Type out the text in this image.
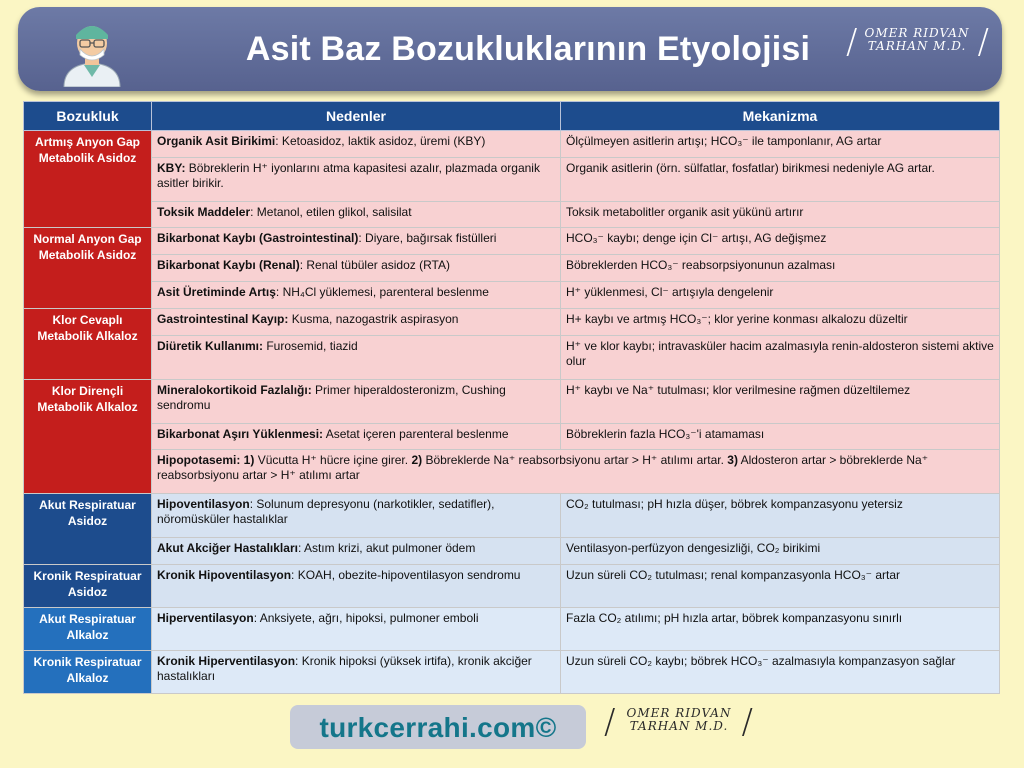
Asit Baz Bozukluklarının Etyolojisi	/ OMER RIDVAN
TARHAN M.D. /
Bozukluk	Nedenler	Mekanizma
Artmış Anyon Gap Metabolik Asidoz	Organik Asit Birikimi: Ketoasidoz, laktik asidoz, üremi (KBY)	Ölçülmeyen asitlerin artışı; HCO₃⁻ ile tamponlanır, AG artar
	KBY: Böbreklerin H⁺ iyonlarını atma kapasitesi azalır, plazmada organik asitler birikir.	Organik asitlerin (örn. sülfatlar, fosfatlar) birikmesi nedeniyle AG artar.
	Toksik Maddeler: Metanol, etilen glikol, salisilat	Toksik metabolitler organik asit yükünü artırır
Normal Anyon Gap Metabolik Asidoz	Bikarbonat Kaybı (Gastrointestinal): Diyare, bağırsak fistülleri	HCO₃⁻ kaybı; denge için Cl⁻ artışı, AG değişmez
	Bikarbonat Kaybı (Renal): Renal tübüler asidoz (RTA)	Böbreklerden HCO₃⁻ reabsorpsiyonunun azalması
	Asit Üretiminde Artış: NH₄Cl yüklemesi, parenteral beslenme	H⁺ yüklenmesi, Cl⁻ artışıyla dengelenir
Klor Cevaplı Metabolik Alkaloz	Gastrointestinal Kayıp: Kusma, nazogastrik aspirasyon	H+ kaybı ve artmış HCO₃⁻; klor yerine konması alkalozu düzeltir
	Diüretik Kullanımı: Furosemid, tiazid	H⁺ ve klor kaybı; intravasküler hacim azalmasıyla renin-aldosteron sistemi aktive olur
Klor Dirençli Metabolik Alkaloz	Mineralokortikoid Fazlalığı: Primer hiperaldosteronizm, Cushing sendromu	H⁺ kaybı ve Na⁺ tutulması; klor verilmesine rağmen düzeltilemez
	Bikarbonat Aşırı Yüklenmesi: Asetat içeren parenteral beslenme	Böbreklerin fazla HCO₃⁻'i atamaması
	Hipopotasemi: 1) Vücutta H⁺ hücre içine girer. 2) Böbreklerde Na⁺ reabsorbsiyonu artar > H⁺ atılımı artar. 3) Aldosteron artar > böbreklerde Na⁺ reabsorbsiyonu artar > H⁺ atılımı artar	
Akut Respiratuar Asidoz	Hipoventilasyon: Solunum depresyonu (narkotikler, sedatifler), nöromüsküler hastalıklar	CO₂ tutulması; pH hızla düşer, böbrek kompanzasyonu yetersiz
	Akut Akciğer Hastalıkları: Astım krizi, akut pulmoner ödem	Ventilasyon-perfüzyon dengesizliği, CO₂ birikimi
Kronik Respiratuar Asidoz	Kronik Hipoventilasyon: KOAH, obezite-hipoventilasyon sendromu	Uzun süreli CO₂ tutulması; renal kompanzasyonla HCO₃⁻ artar
Akut Respiratuar Alkaloz	Hiperventilasyon: Anksiyete, ağrı, hipoksi, pulmoner emboli	Fazla CO₂ atılımı; pH hızla artar, böbrek kompanzasyonu sınırlı
Kronik Respiratuar Alkaloz	Kronik Hiperventilasyon: Kronik hipoksi (yüksek irtifa), kronik akciğer hastalıkları	Uzun süreli CO₂ kaybı; böbrek HCO₃⁻ azalmasıyla kompanzasyon sağlar
turkcerrahi.com©	/ OMER RIDVAN
TARHAN M.D. /
